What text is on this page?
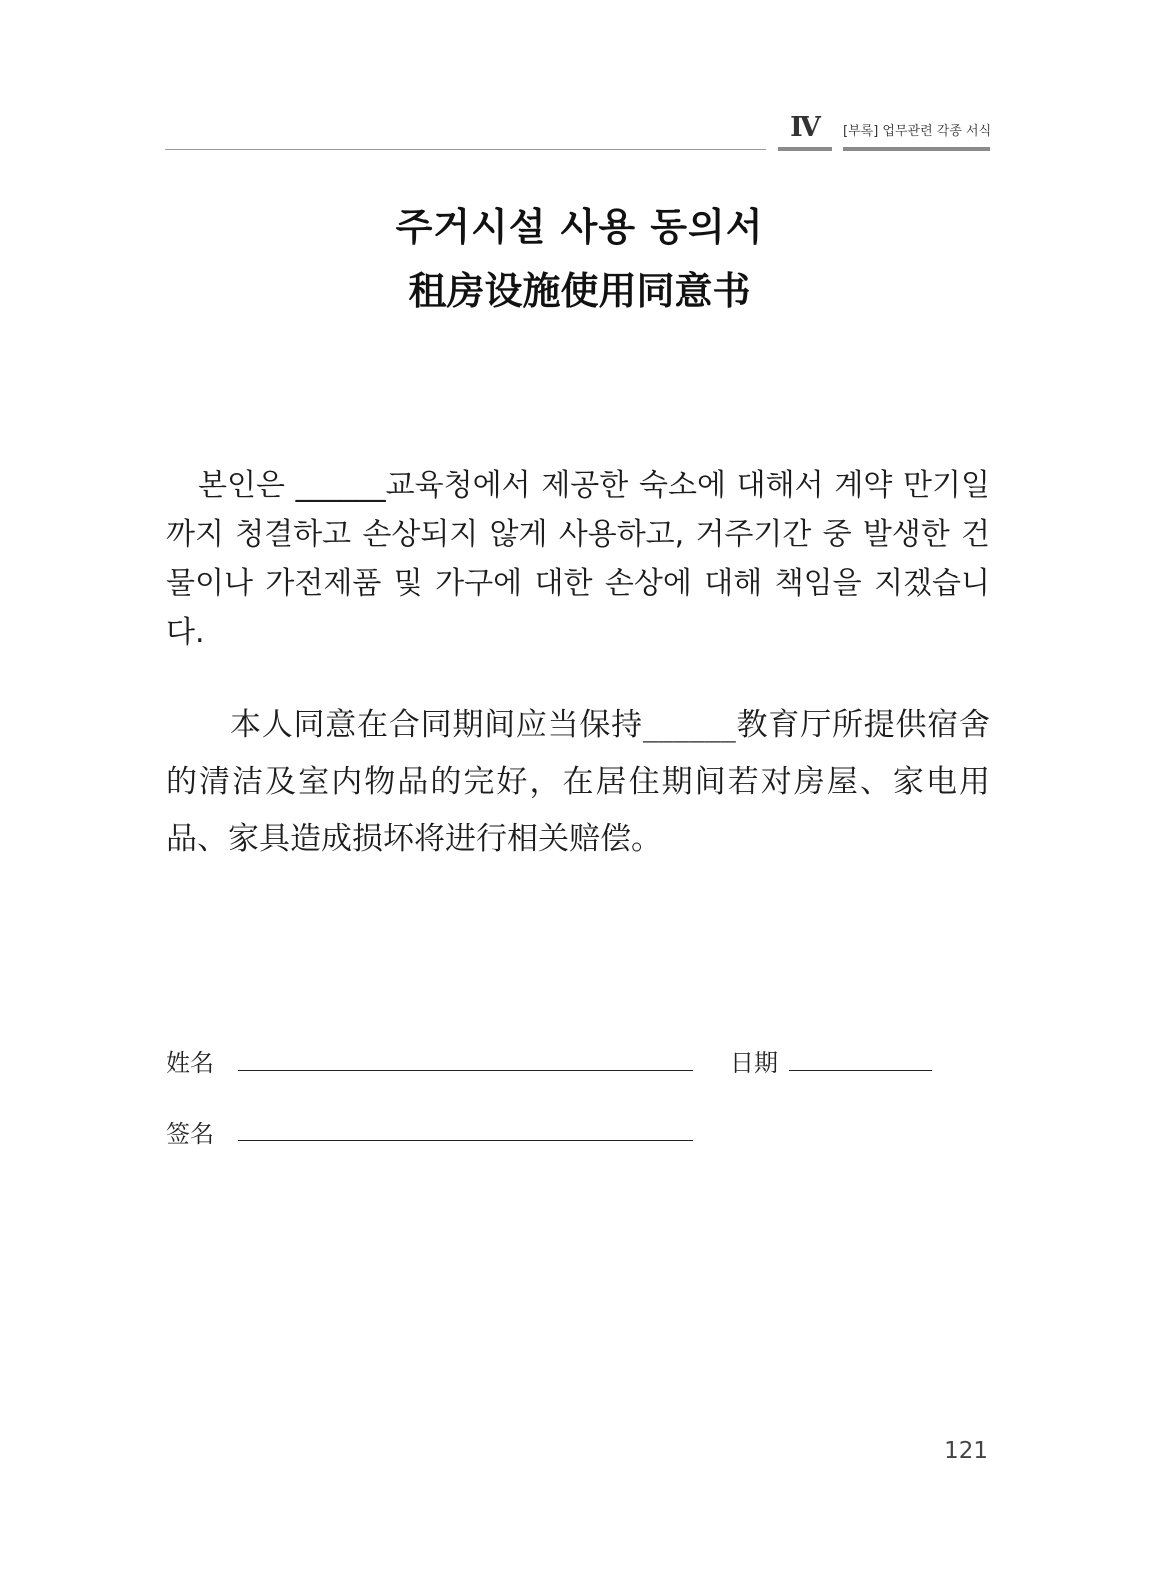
Ⅳ	[부록] 업무관련 각종 서식
주거시설 사용 동의서
租房设施使用同意书

본인은 ______교육청에서 제공한 숙소에 대해서 계약 만기일까지 청결하고 손상되지 않게 사용하고, 거주기간 중 발생한 건물이나 가전제품 및 가구에 대한 손상에 대해 책임을 지겠습니다.

本人同意在合同期间应当保持______教育厅所提供宿舍的清洁及室内物品的完好，在居住期间若对房屋、家电用品、家具造成损坏将进行相关赔偿。

姓名	日期
签名
121
